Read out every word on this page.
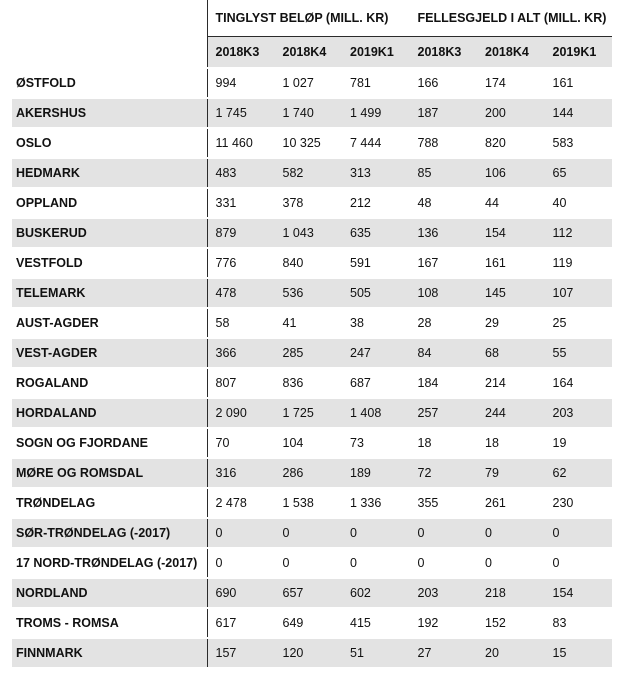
	TINGLYST BELØP (MILL. KR)			FELLESGJELD I ALT (MILL. KR)		
	2018K3	2018K4	2019K1	2018K3	2018K4	2019K1
ØSTFOLD	994	1 027	781	166	174	161
AKERSHUS	1 745	1 740	1 499	187	200	144
OSLO	11 460	10 325	7 444	788	820	583
HEDMARK	483	582	313	85	106	65
OPPLAND	331	378	212	48	44	40
BUSKERUD	879	1 043	635	136	154	112
VESTFOLD	776	840	591	167	161	119
TELEMARK	478	536	505	108	145	107
AUST-AGDER	58	41	38	28	29	25
VEST-AGDER	366	285	247	84	68	55
ROGALAND	807	836	687	184	214	164
HORDALAND	2 090	1 725	1 408	257	244	203
SOGN OG FJORDANE	70	104	73	18	18	19
MØRE OG ROMSDAL	316	286	189	72	79	62
TRØNDELAG	2 478	1 538	1 336	355	261	230
SØR-TRØNDELAG (-2017)	0	0	0	0	0	0
17 NORD-TRØNDELAG (-2017)	0	0	0	0	0	0
NORDLAND	690	657	602	203	218	154
TROMS - ROMSA	617	649	415	192	152	83
FINNMARK	157	120	51	27	20	15
